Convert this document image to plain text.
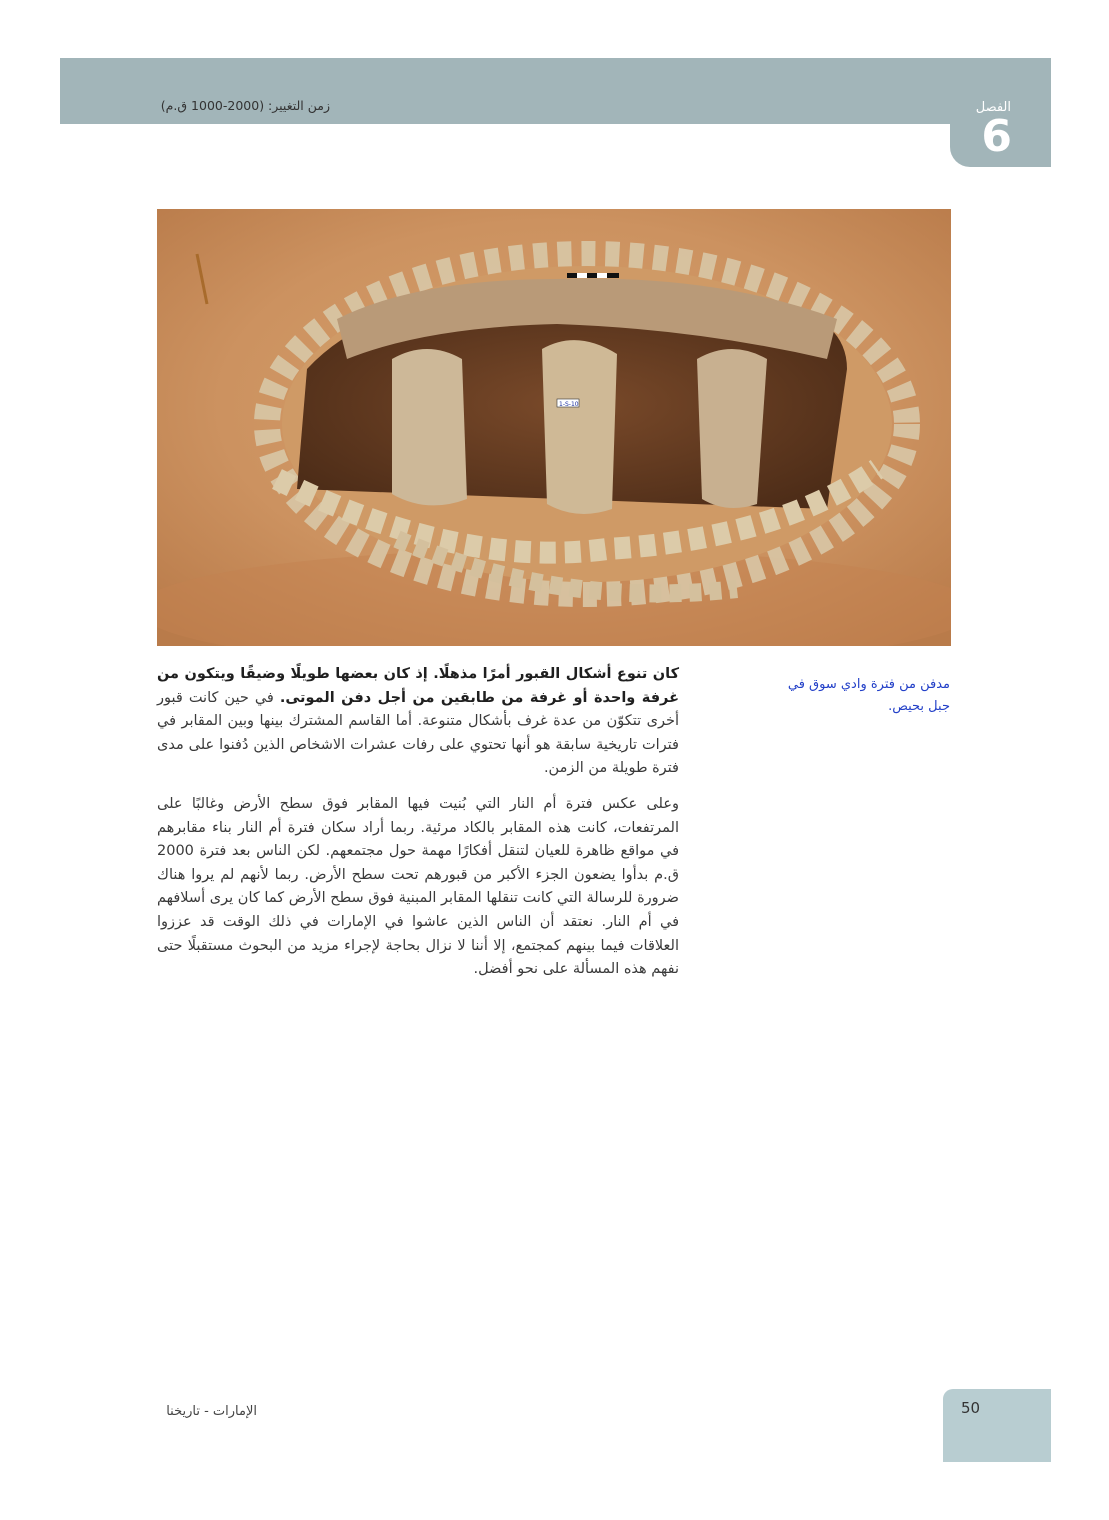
زمن التغيير: (2000-1000 ق.م)	الفصل
6
1-S-10
مدفن من فترة وادي سوق في
جبل بحيص.

كان تنوع أشكال القبور أمرًا مذهلًا. إذ كان بعضها طويلًا وضيقًا ويتكون من غرفة واحدة أو غرفة من طابقين من أجل دفن الموتى. في حين كانت قبور أخرى تتكوّن من عدة غرف بأشكال متنوعة. أما القاسم المشترك بينها وبين المقابر في فترات تاريخية سابقة هو أنها تحتوي على رفات عشرات الاشخاص الذين دُفنوا على مدى فترة طويلة من الزمن.

وعلى عكس فترة أم النار التي بُنيت فيها المقابر فوق سطح الأرض وغالبًا على المرتفعات، كانت هذه المقابر بالكاد مرئية. ربما أراد سكان فترة أم النار بناء مقابرهم في مواقع ظاهرة للعيان لتنقل أفكارًا مهمة حول مجتمعهم. لكن الناس بعد فترة 2000 ق.م بدأوا يضعون الجزء الأكبر من قبورهم تحت سطح الأرض. ربما لأنهم لم يروا هناك ضرورة للرسالة التي كانت تنقلها المقابر المبنية فوق سطح الأرض كما كان يرى أسلافهم في أم النار. نعتقد أن الناس الذين عاشوا في الإمارات في ذلك الوقت قد عززوا العلاقات فيما بينهم كمجتمع، إلا أننا لا نزال بحاجة لإجراء مزيد من البحوث مستقبلًا حتى نفهم هذه المسألة على نحو أفضل.

الإمارات - تاريخنا	50
